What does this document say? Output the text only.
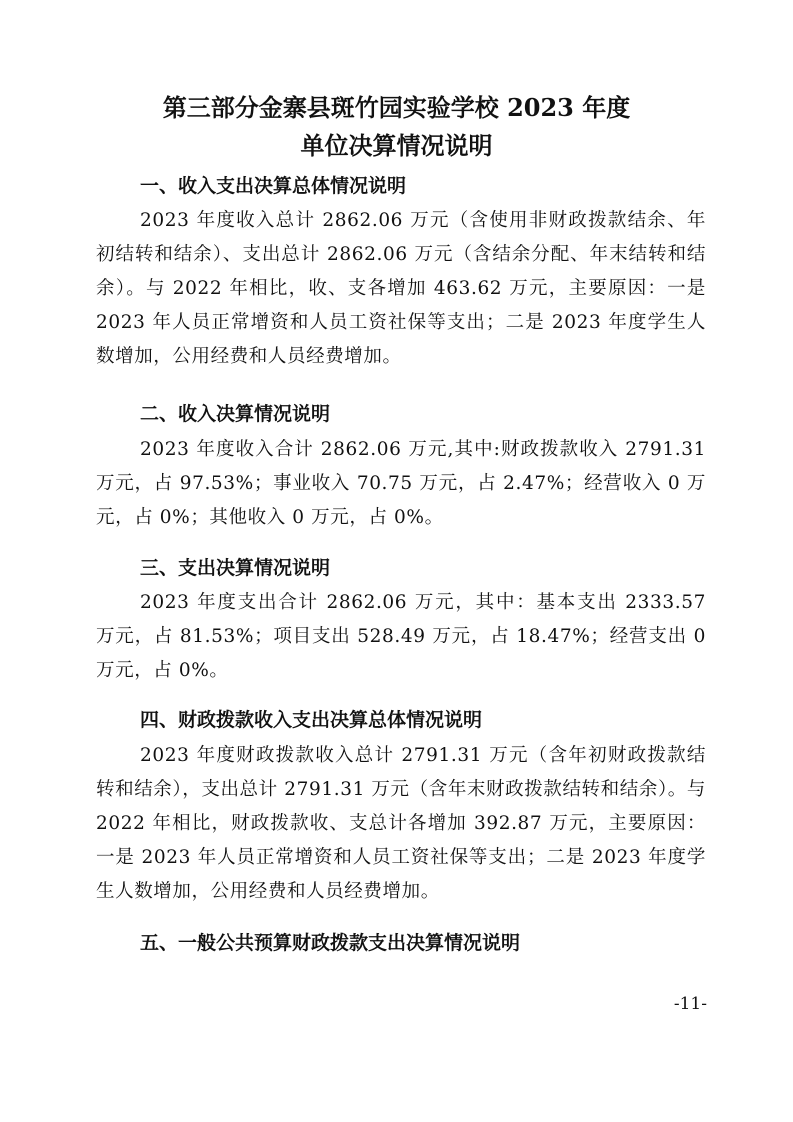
第三部分金寨县斑竹园实验学校 2023 年度
单位决算情况说明
一、收入支出决算总体情况说明

2023 年度收入总计 2862.06 万元（含使用非财政拨款结余、年初结转和结余）、支出总计 2862.06 万元（含结余分配、年末结转和结余）。与 2022 年相比，收、支各增加 463.62 万元，主要原因：一是 2023 年人员正常增资和人员工资社保等支出；二是 2023 年度学生人数增加，公用经费和人员经费增加。

二、收入决算情况说明

2023 年度收入合计 2862.06 万元,其中:财政拨款收入 2791.31 万元，占 97.53%；事业收入 70.75 万元，占 2.47%；经营收入 0 万元，占 0%；其他收入 0 万元，占 0%。

三、支出决算情况说明

2023 年度支出合计 2862.06 万元，其中：基本支出 2333.57 万元，占 81.53%；项目支出 528.49 万元，占 18.47%；经营支出 0 万元，占 0%。

四、财政拨款收入支出决算总体情况说明

2023 年度财政拨款收入总计 2791.31 万元（含年初财政拨款结转和结余），支出总计 2791.31 万元（含年末财政拨款结转和结余）。与 2022 年相比，财政拨款收、支总计各增加 392.87 万元，主要原因：一是 2023 年人员正常增资和人员工资社保等支出；二是 2023 年度学生人数增加，公用经费和人员经费增加。

五、一般公共预算财政拨款支出决算情况说明
-11-
